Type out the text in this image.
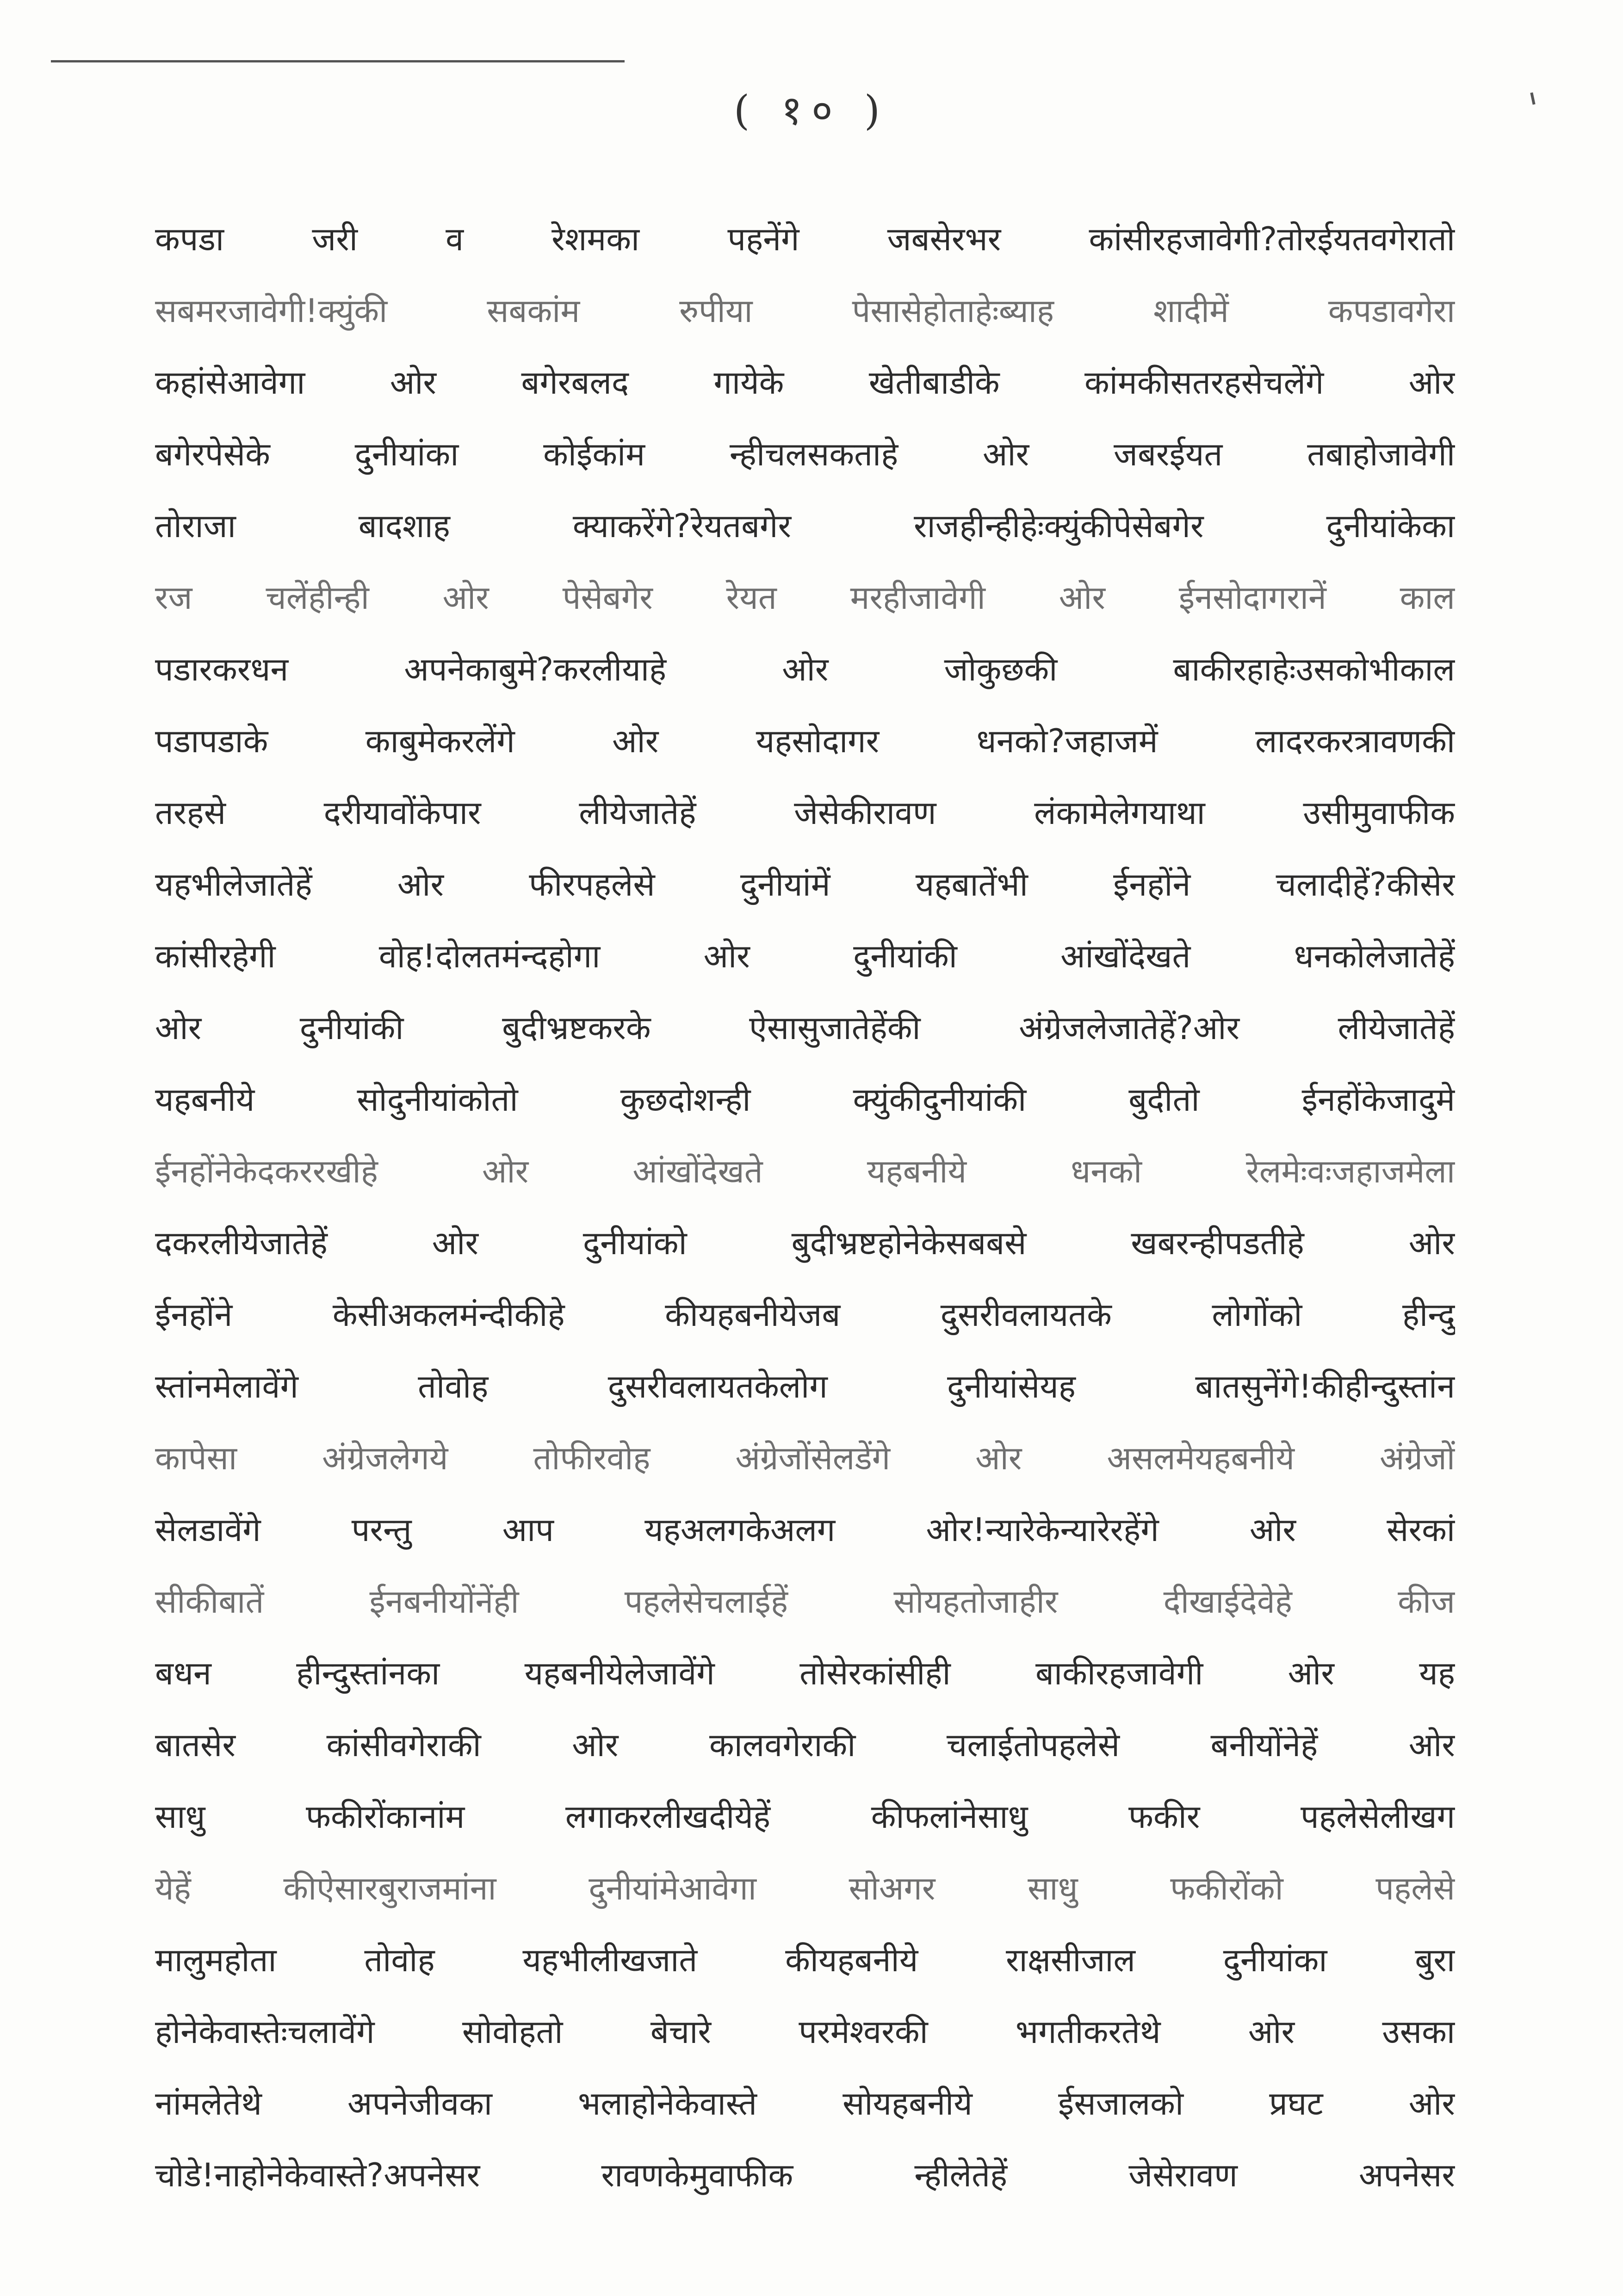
( १० )
कपडा जरी व रेशमका पहनेंगे जबसेरभर कांसीरहजावेगी?तोरईयतवगेरातो
सबमरजावेगी!क्युंकी सबकांम रुपीया पेसासेहोताहेःब्याह शादीमें कपडावगेरा
कहांसेआवेगा ओर बगेरबलद गायेके खेतीबाडीके कांमकीसतरहसेचलेंगे ओर
बगेरपेसेके दुनीयांका कोईकांम न्हीचलसकताहे ओर जबरईयत तबाहोजावेगी
तोराजा बादशाह क्याकरेंगे?रेयतबगेर राजहीन्हीहेःक्युंकीपेसेबगेर दुनीयांकेका
रज चलेंहीन्ही ओर पेसेबगेर रेयत मरहीजावेगी ओर ईनसोदागरानें काल
पडारकरधन अपनेकाबुमे?करलीयाहे ओर जोकुछकी बाकीरहाहेःउसकोभीकाल
पडापडाके काबुमेकरलेंगे ओर यहसोदागर धनको?जहाजमें लादरकरत्रावणकी
तरहसे दरीयावोंकेपार लीयेजातेहें जेसेकीरावण लंकामेलेगयाथा उसीमुवाफीक
यहभीलेजातेहें ओर फीरपहलेसे दुनीयांमें यहबातेंभी ईनहोंने चलादीहें?कीसेर
कांसीरहेगी वोह!दोलतमंन्दहोगा ओर दुनीयांकी आंखोंदेखते धनकोलेजातेहें
ओर दुनीयांकी बुदीभ्रष्टकरके ऐसासुजातेहेंकी अंग्रेजलेजातेहें?ओर लीयेजातेहें
यहबनीये सोदुनीयांकोतो कुछदोशन्ही क्युंकीदुनीयांकी बुदीतो ईनहोंकेजादुमे
ईनहोंनेकेदकररखीहे ओर आंखोंदेखते यहबनीये धनको रेलमेःवःजहाजमेला
दकरलीयेजातेहें ओर दुनीयांको बुदीभ्रष्टहोनेकेसबबसे खबरन्हीपडतीहे ओर
ईनहोंने केसीअकलमंन्दीकीहे कीयहबनीयेजब दुसरीवलायतके लोगोंको हीन्दु
स्तांनमेलावेंगे तोवोह दुसरीवलायतकेलोग दुनीयांसेयह बातसुनेंगे!कीहीन्दुस्तांन
कापेसा अंग्रेजलेगये तोफीरवोह अंग्रेजोंसेलडेंगे ओर असलमेयहबनीये अंग्रेजों
सेलडावेंगे परन्तु आप यहअलगकेअलग ओर!न्यारेकेन्यारेरहेंगे ओर सेरकां
सीकीबातें ईनबनीयोंनेंही पहलेसेचलाईहें सोयहतोजाहीर दीखाईदेवेहे कीज
बधन हीन्दुस्तांनका यहबनीयेलेजावेंगे तोसेरकांसीही बाकीरहजावेगी ओर यह
बातसेर कांसीवगेराकी ओर कालवगेराकी चलाईतोपहलेसे बनीयोंनेहें ओर
साधु फकीरोंकानांम लगाकरलीखदीयेहें कीफलांनेसाधु फकीर पहलेसेलीखग
येहें कीऐसारबुराजमांना दुनीयांमेआवेगा सोअगर साधु फकीरोंको पहलेसे
मालुमहोता तोवोह यहभीलीखजाते कीयहबनीये राक्षसीजाल दुनीयांका बुरा
होनेकेवास्तेःचलावेंगे सोवोहतो बेचारे परमेश्वरकी भगतीकरतेथे ओर उसका
नांमलेतेथे अपनेजीवका भलाहोनेकेवास्ते सोयहबनीये ईसजालको प्रघट ओर
चोडे!नाहोनेकेवास्ते?अपनेसर रावणकेमुवाफीक न्हीलेतेहें जेसेरावण अपनेसर
